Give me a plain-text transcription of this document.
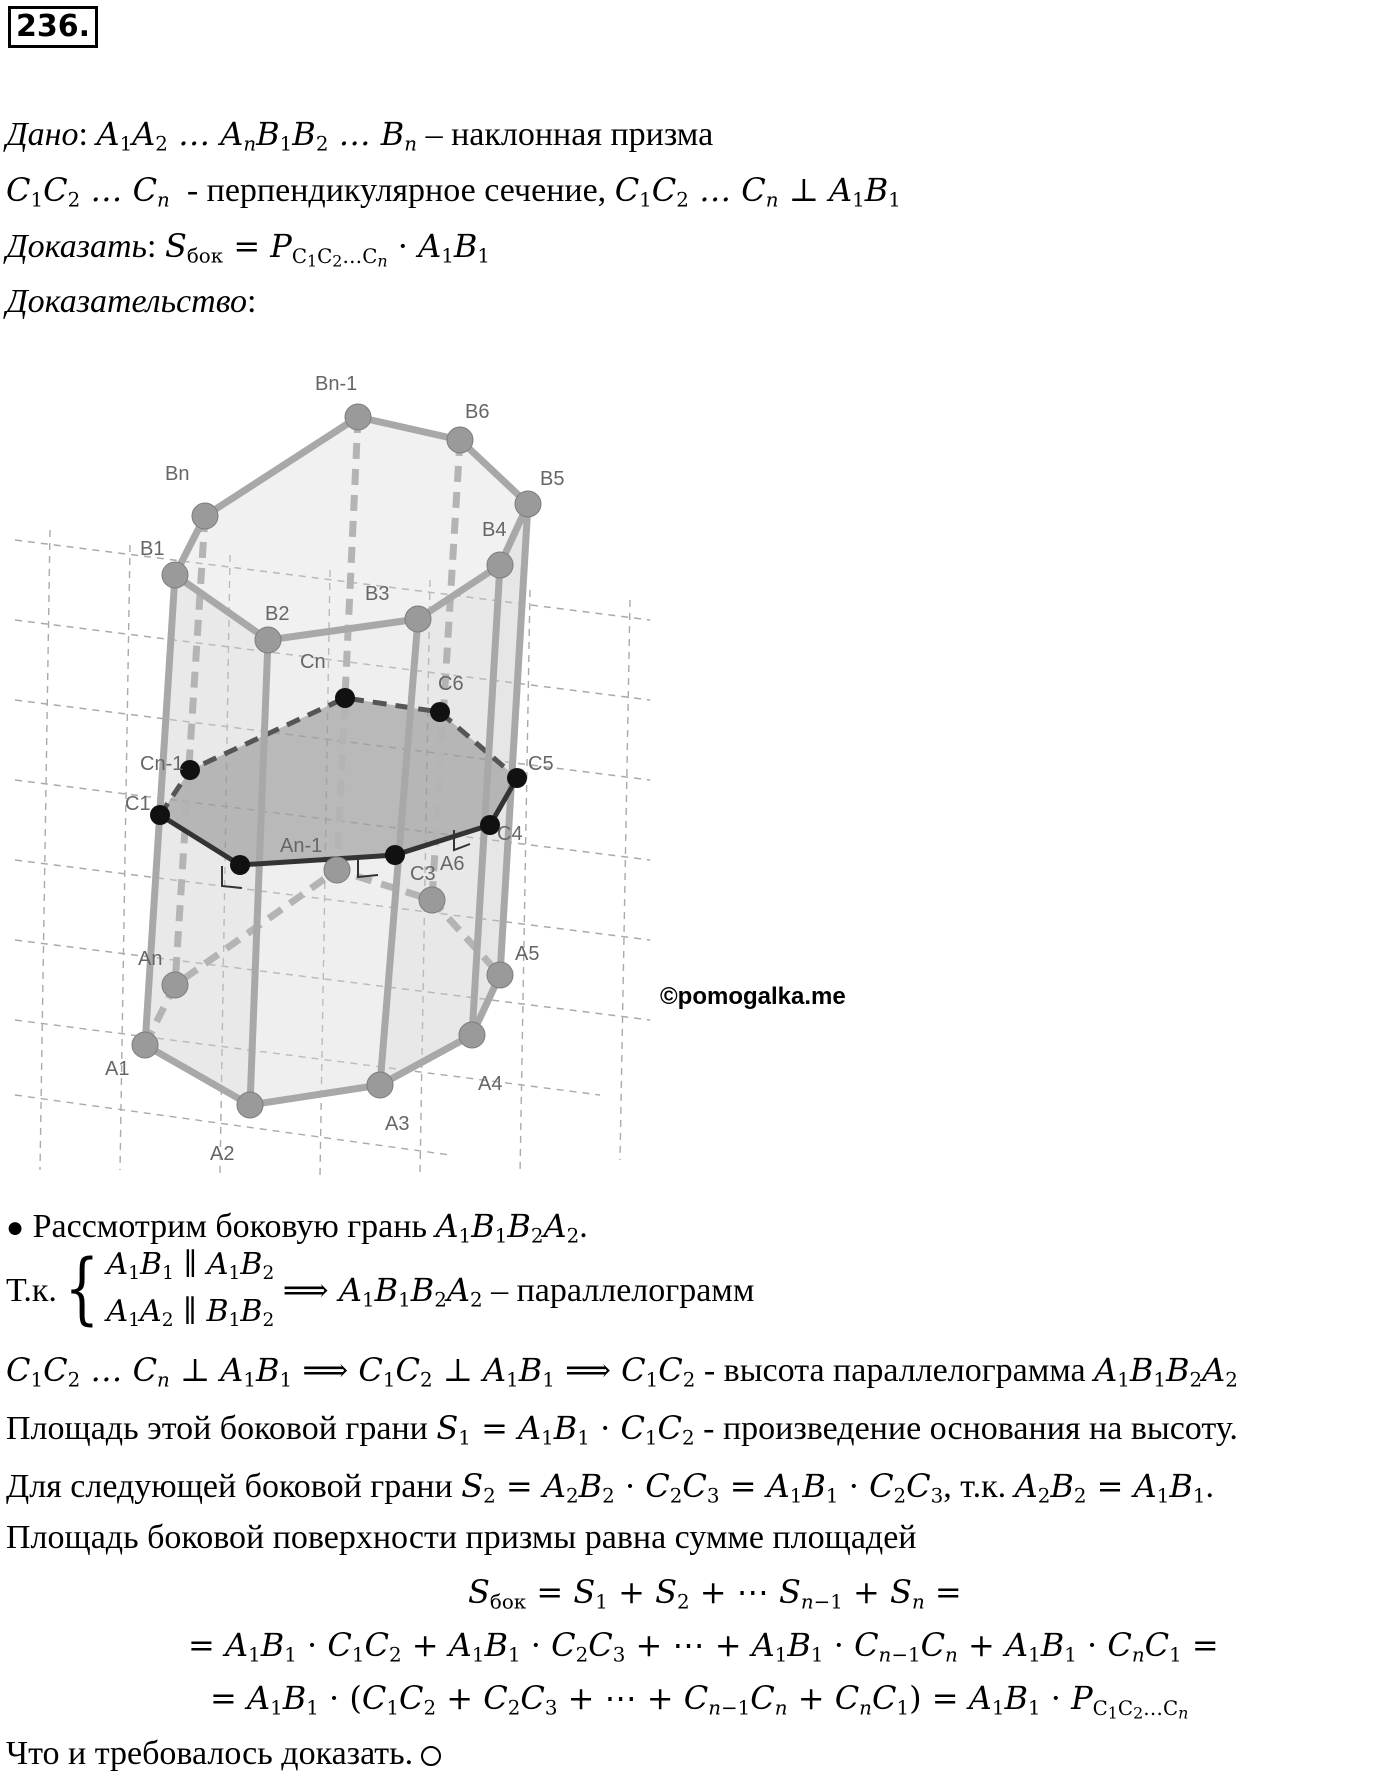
236.
Дано: $A_1A_2$ … $A_nB_1B_2$ … $B_n$ – наклонная призма
$C_1C_2$ … $C_n$ - перпендикулярное сечение, $C_1C_2$ … $C_n$ ⊥ $A_1B_1$
Доказать: $S_{бок} = P_{C_1C_2\dots C_n} \cdot A_1B_1$
Доказательство:
B1
Bn
Bn-1
B6
B5
B4
B3
B2
Cn
C6
C5
C4
C3
Cn-1
C1
An-1
A6
A5
A4
A3
A2
A1
An
©pomogalka.me
● Рассмотрим боковую грань $A_1B_1B_2A_2$.
Т.к.{ $A_1B_1$ ∥ $A_1B_2$
$A_1A_2$ ∥ $B_1B_2$ ⟹ $A_1B_1B_2A_2$ – параллелограмм
$C_1C_2$ … $C_n$ ⊥ $A_1B_1$ ⟹ $C_1C_2$ ⊥ $A_1B_1$ ⟹ $C_1C_2$ - высота параллелограмма $A_1B_1B_2A_2$
Площадь этой боковой грани $S_1 = A_1B_1 \cdot C_1C_2$ - произведение основания на высоту.
Для следующей боковой грани $S_2 = A_2B_2 \cdot C_2C_3 = A_1B_1 \cdot C_2C_3$, т.к. $A_2B_2 = A_1B_1$.
Площадь боковой поверхности призмы равна сумме площадей
$S_{бок} = S_1 + S_2$ + ⋯ $S_{n-1} + S_n$ =
= $A_1B_1 \cdot C_1C_2 + A_1B_1 \cdot C_2C_3$ + ⋯ + $A_1B_1 \cdot C_{n-1}C_n + A_1B_1 \cdot C_nC_1$ =
= $A_1B_1 \cdot (C_1C_2 + C_2C_3$ + ⋯ + $C_{n-1}C_n + C_nC_1) = A_1B_1 \cdot P_{C_1C_2\dots C_n}$
Что и требовалось доказать.
